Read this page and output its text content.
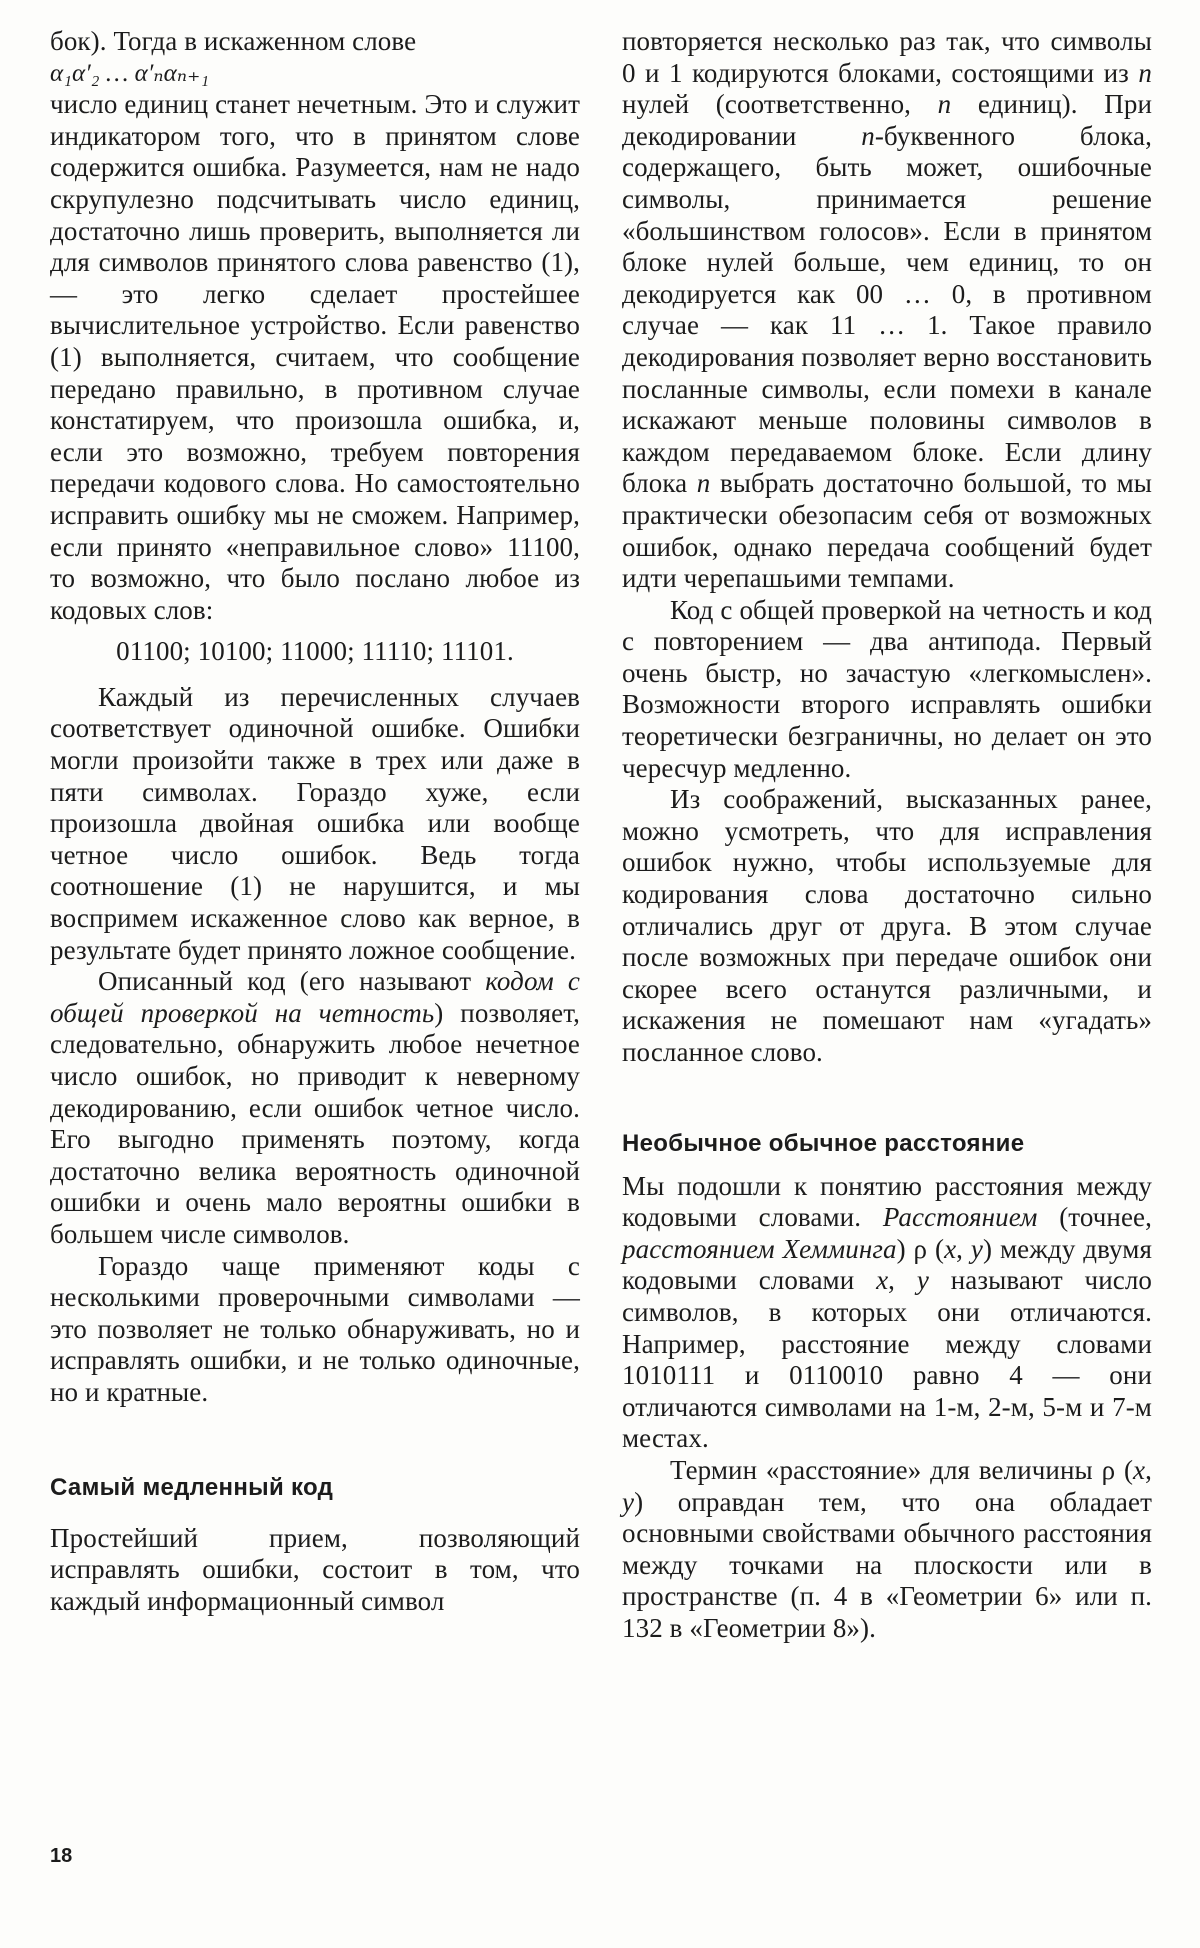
бок). Тогда в искаженном слове
α₁α′₂ … α′ₙαₙ₊₁
число единиц станет нечетным. Это и служит индикатором того, что в принятом слове содержится ошибка. Разумеется, нам не надо скрупулезно подсчитывать число единиц, достаточно лишь проверить, выполняется ли для символов принятого слова равенство (1),— это легко сделает простейшее вычислительное устройство. Если равенство (1) выполняется, считаем, что сообщение передано правильно, в противном случае констатируем, что произошла ошибка, и, если это возможно, требуем повторения передачи кодового слова. Но самостоятельно исправить ошибку мы не сможем. Например, если принято «неправильное слово» 11100, то возможно, что было послано любое из кодовых слов:

01100; 10100; 11000; 11110; 11101.

Каждый из перечисленных случаев соответствует одиночной ошибке. Ошибки могли произойти также в трех или даже в пяти символах. Гораздо хуже, если произошла двойная ошибка или вообще четное число ошибок. Ведь тогда соотношение (1) не нарушится, и мы воспримем искаженное слово как верное, в результате будет принято ложное сообщение.

Описанный код (его называют кодом с общей проверкой на четность) позволяет, следовательно, обнаружить любое нечетное число ошибок, но приводит к неверному декодированию, если ошибок четное число. Его выгодно применять поэтому, когда достаточно велика вероятность одиночной ошибки и очень мало вероятны ошибки в большем числе символов.

Гораздо чаще применяют коды с несколькими проверочными символами — это позволяет не только обнаруживать, но и исправлять ошибки, и не только одиночные, но и кратные.

Самый медленный код

Простейший прием, позволяющий исправлять ошибки, состоит в том, что каждый информационный символ

повторяется несколько раз так, что символы 0 и 1 кодируются блоками, состоящими из n нулей (соответственно, n единиц). При декодировании n-буквенного блока, содержащего, быть может, ошибочные символы, принимается решение «большинством голосов». Если в принятом блоке нулей больше, чем единиц, то он декодируется как 00 … 0, в противном случае — как 11 … 1. Такое правило декодирования позволяет верно восстановить посланные символы, если помехи в канале искажают меньше половины символов в каждом передаваемом блоке. Если длину блока n выбрать достаточно большой, то мы практически обезопасим себя от возможных ошибок, однако передача сообщений будет идти черепашьими темпами.

Код с общей проверкой на четность и код с повторением — два антипода. Первый очень быстр, но зачастую «легкомыслен». Возможности второго исправлять ошибки теоретически безграничны, но делает он это чересчур медленно.

Из соображений, высказанных ранее, можно усмотреть, что для исправления ошибок нужно, чтобы используемые для кодирования слова достаточно сильно отличались друг от друга. В этом случае после возможных при передаче ошибок они скорее всего останутся различными, и искажения не помешают нам «угадать» посланное слово.

Необычное обычное расстояние

Мы подошли к понятию расстояния между кодовыми словами. Расстоянием (точнее, расстоянием Хемминга) ρ (x, y) между двумя кодовыми словами x, y называют число символов, в которых они отличаются. Например, расстояние между словами 1010111 и 0110010 равно 4 — они отличаются символами на 1-м, 2-м, 5-м и 7-м местах.

Термин «расстояние» для величины ρ (x, y) оправдан тем, что она обладает основными свойствами обычного расстояния между точками на плоскости или в пространстве (п. 4 в «Геометрии 6» или п. 132 в «Геометрии 8»).

18
